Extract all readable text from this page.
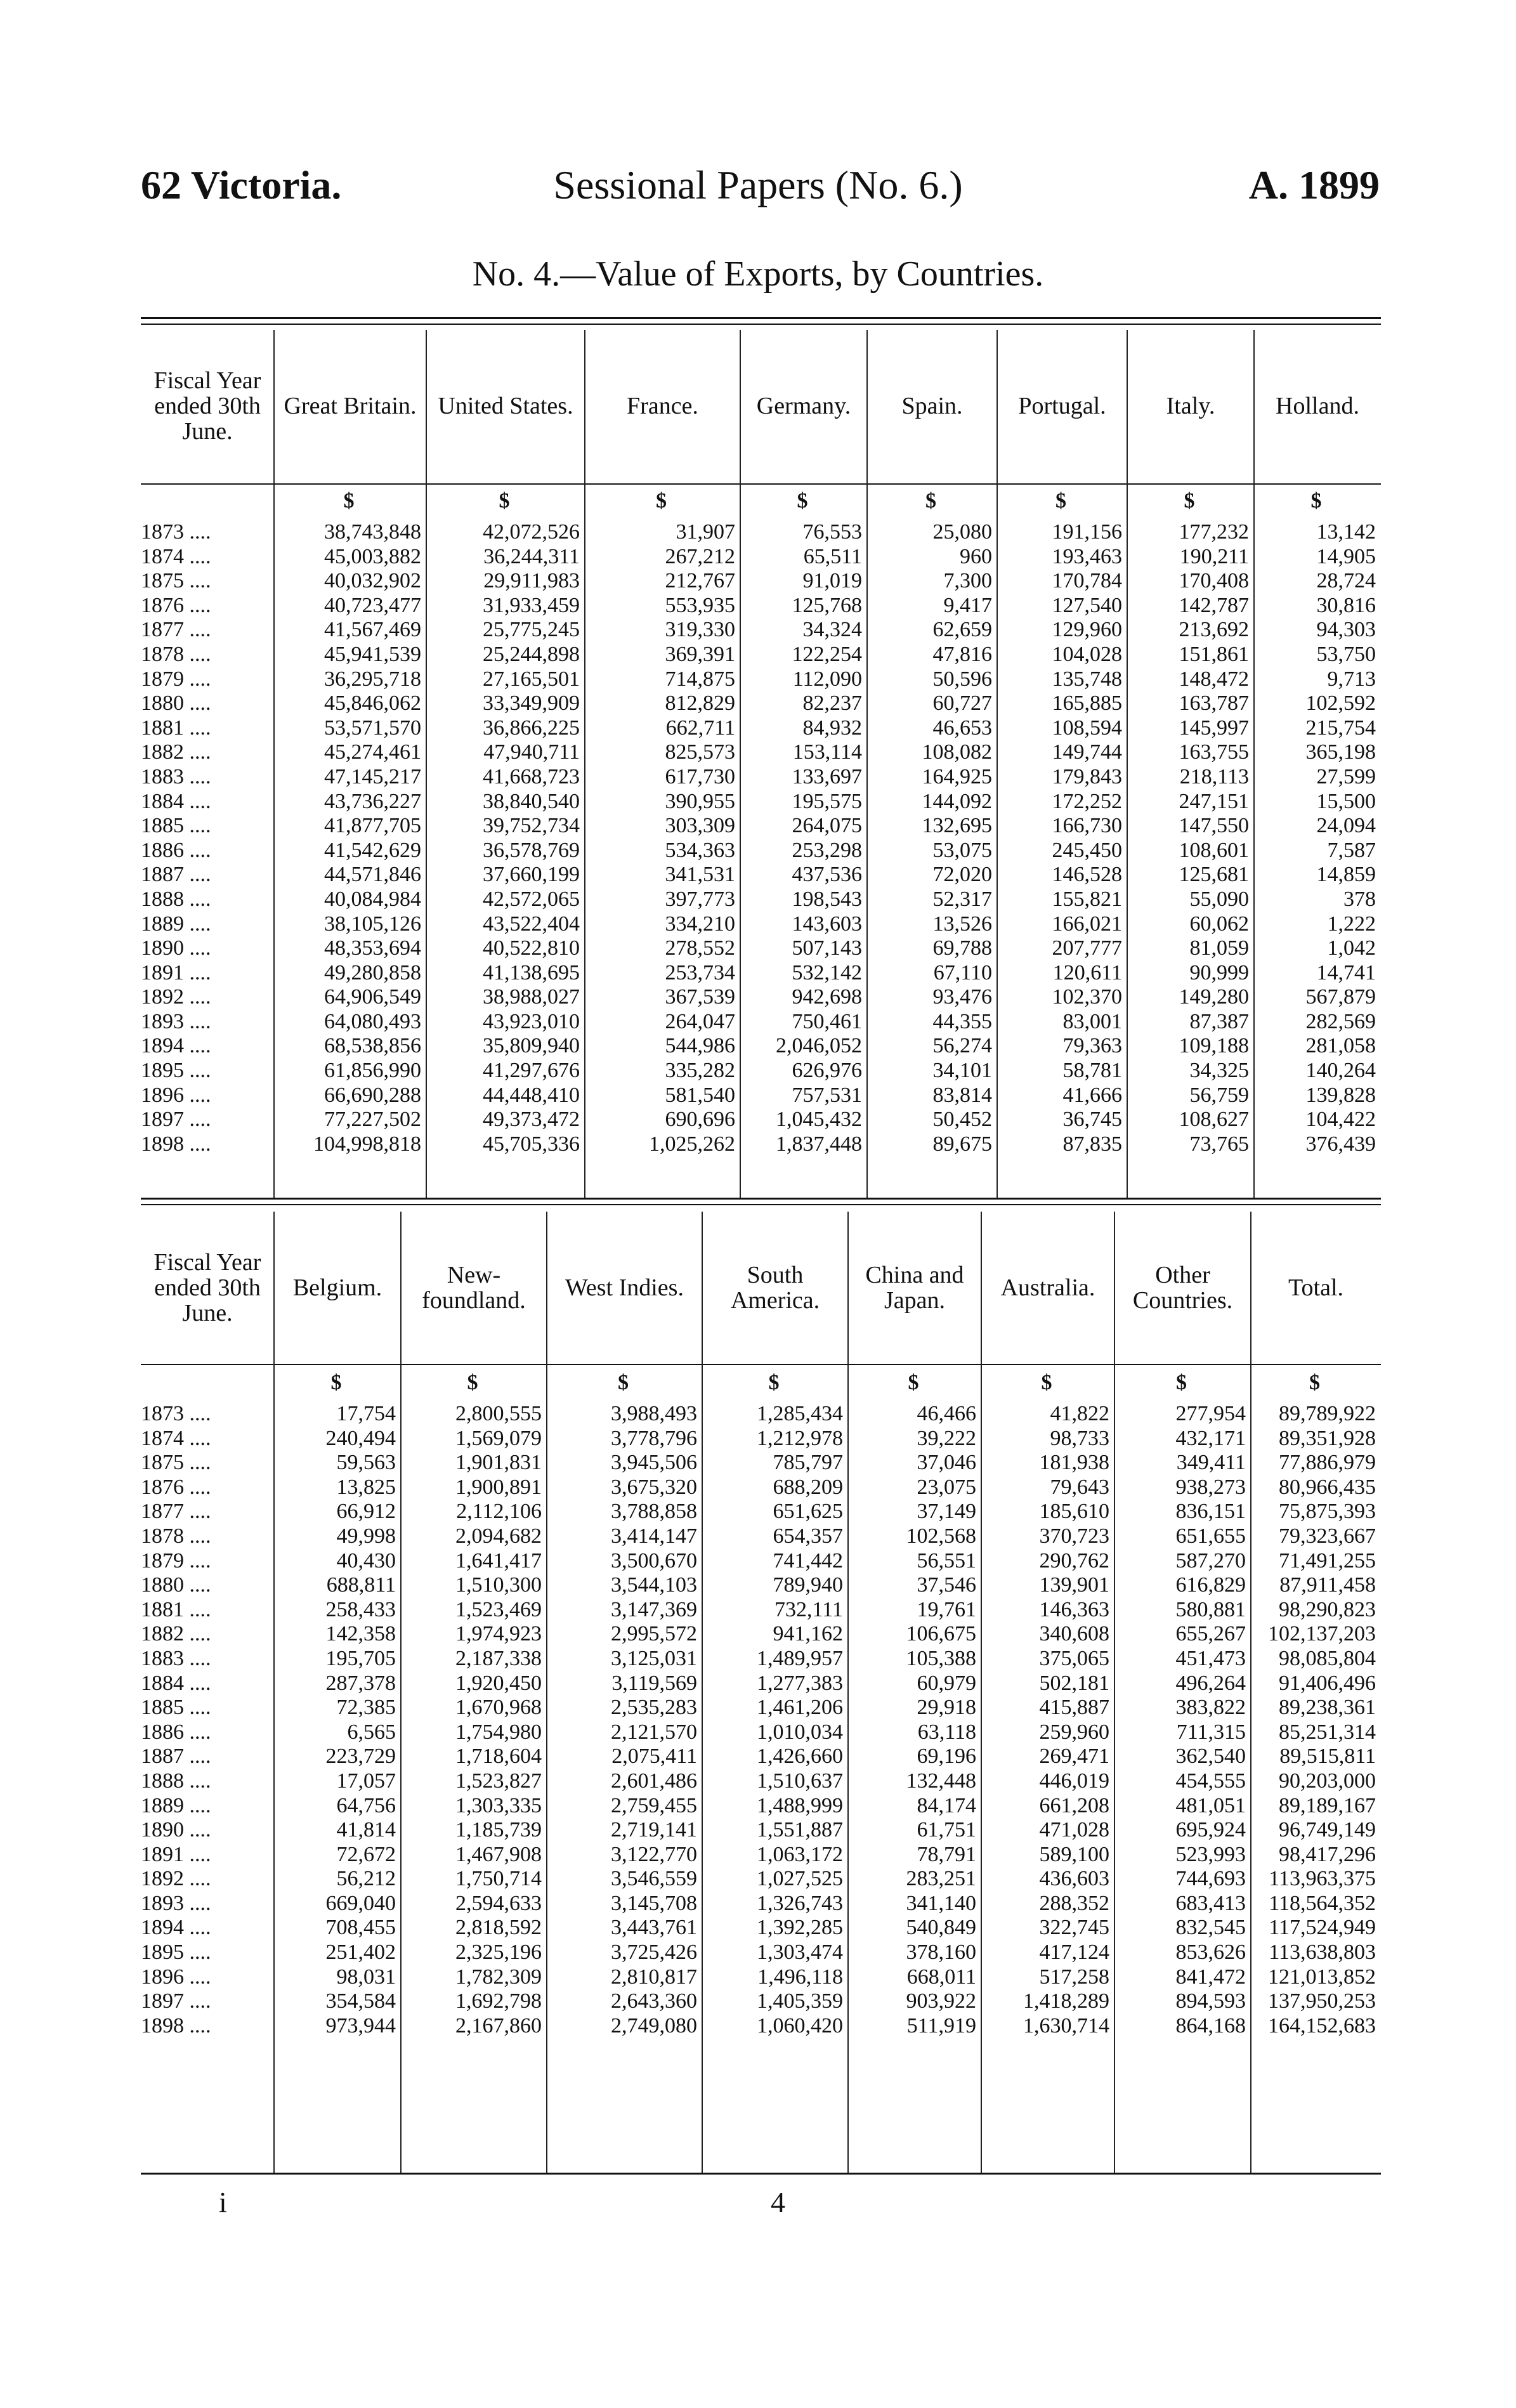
62 Victoria.	Sessional Papers (No. 6.)	A. 1899
No. 4.—Value of Exports, by Countries.
Fiscal Year ended 30th June.	Great Britain.	United States.	France.	Germany.	Spain.	Portugal.	Italy.	Holland.
	$	$	$	$	$	$	$	$
1873 ....	38,743,848	42,072,526	31,907	76,553	25,080	191,156	177,232	13,142
1874 ....	45,003,882	36,244,311	267,212	65,511	960	193,463	190,211	14,905
1875 ....	40,032,902	29,911,983	212,767	91,019	7,300	170,784	170,408	28,724
1876 ....	40,723,477	31,933,459	553,935	125,768	9,417	127,540	142,787	30,816
1877 ....	41,567,469	25,775,245	319,330	34,324	62,659	129,960	213,692	94,303
1878 ....	45,941,539	25,244,898	369,391	122,254	47,816	104,028	151,861	53,750
1879 ....	36,295,718	27,165,501	714,875	112,090	50,596	135,748	148,472	9,713
1880 ....	45,846,062	33,349,909	812,829	82,237	60,727	165,885	163,787	102,592
1881 ....	53,571,570	36,866,225	662,711	84,932	46,653	108,594	145,997	215,754
1882 ....	45,274,461	47,940,711	825,573	153,114	108,082	149,744	163,755	365,198
1883 ....	47,145,217	41,668,723	617,730	133,697	164,925	179,843	218,113	27,599
1884 ....	43,736,227	38,840,540	390,955	195,575	144,092	172,252	247,151	15,500
1885 ....	41,877,705	39,752,734	303,309	264,075	132,695	166,730	147,550	24,094
1886 ....	41,542,629	36,578,769	534,363	253,298	53,075	245,450	108,601	7,587
1887 ....	44,571,846	37,660,199	341,531	437,536	72,020	146,528	125,681	14,859
1888 ....	40,084,984	42,572,065	397,773	198,543	52,317	155,821	55,090	378
1889 ....	38,105,126	43,522,404	334,210	143,603	13,526	166,021	60,062	1,222
1890 ....	48,353,694	40,522,810	278,552	507,143	69,788	207,777	81,059	1,042
1891 ....	49,280,858	41,138,695	253,734	532,142	67,110	120,611	90,999	14,741
1892 ....	64,906,549	38,988,027	367,539	942,698	93,476	102,370	149,280	567,879
1893 ....	64,080,493	43,923,010	264,047	750,461	44,355	83,001	87,387	282,569
1894 ....	68,538,856	35,809,940	544,986	2,046,052	56,274	79,363	109,188	281,058
1895 ....	61,856,990	41,297,676	335,282	626,976	34,101	58,781	34,325	140,264
1896 ....	66,690,288	44,448,410	581,540	757,531	83,814	41,666	56,759	139,828
1897 ....	77,227,502	49,373,472	690,696	1,045,432	50,452	36,745	108,627	104,422
1898 ....	104,998,818	45,705,336	1,025,262	1,837,448	89,675	87,835	73,765	376,439
Fiscal Year ended 30th June.	Belgium.	New-foundland.	West Indies.	South America.	China and Japan.	Australia.	Other Countries.	Total.
	$	$	$	$	$	$	$	$
1873 ....	17,754	2,800,555	3,988,493	1,285,434	46,466	41,822	277,954	89,789,922
1874 ....	240,494	1,569,079	3,778,796	1,212,978	39,222	98,733	432,171	89,351,928
1875 ....	59,563	1,901,831	3,945,506	785,797	37,046	181,938	349,411	77,886,979
1876 ....	13,825	1,900,891	3,675,320	688,209	23,075	79,643	938,273	80,966,435
1877 ....	66,912	2,112,106	3,788,858	651,625	37,149	185,610	836,151	75,875,393
1878 ....	49,998	2,094,682	3,414,147	654,357	102,568	370,723	651,655	79,323,667
1879 ....	40,430	1,641,417	3,500,670	741,442	56,551	290,762	587,270	71,491,255
1880 ....	688,811	1,510,300	3,544,103	789,940	37,546	139,901	616,829	87,911,458
1881 ....	258,433	1,523,469	3,147,369	732,111	19,761	146,363	580,881	98,290,823
1882 ....	142,358	1,974,923	2,995,572	941,162	106,675	340,608	655,267	102,137,203
1883 ....	195,705	2,187,338	3,125,031	1,489,957	105,388	375,065	451,473	98,085,804
1884 ....	287,378	1,920,450	3,119,569	1,277,383	60,979	502,181	496,264	91,406,496
1885 ....	72,385	1,670,968	2,535,283	1,461,206	29,918	415,887	383,822	89,238,361
1886 ....	6,565	1,754,980	2,121,570	1,010,034	63,118	259,960	711,315	85,251,314
1887 ....	223,729	1,718,604	2,075,411	1,426,660	69,196	269,471	362,540	89,515,811
1888 ....	17,057	1,523,827	2,601,486	1,510,637	132,448	446,019	454,555	90,203,000
1889 ....	64,756	1,303,335	2,759,455	1,488,999	84,174	661,208	481,051	89,189,167
1890 ....	41,814	1,185,739	2,719,141	1,551,887	61,751	471,028	695,924	96,749,149
1891 ....	72,672	1,467,908	3,122,770	1,063,172	78,791	589,100	523,993	98,417,296
1892 ....	56,212	1,750,714	3,546,559	1,027,525	283,251	436,603	744,693	113,963,375
1893 ....	669,040	2,594,633	3,145,708	1,326,743	341,140	288,352	683,413	118,564,352
1894 ....	708,455	2,818,592	3,443,761	1,392,285	540,849	322,745	832,545	117,524,949
1895 ....	251,402	2,325,196	3,725,426	1,303,474	378,160	417,124	853,626	113,638,803
1896 ....	98,031	1,782,309	2,810,817	1,496,118	668,011	517,258	841,472	121,013,852
1897 ....	354,584	1,692,798	2,643,360	1,405,359	903,922	1,418,289	894,593	137,950,253
1898 ....	973,944	2,167,860	2,749,080	1,060,420	511,919	1,630,714	864,168	164,152,683
i	4
